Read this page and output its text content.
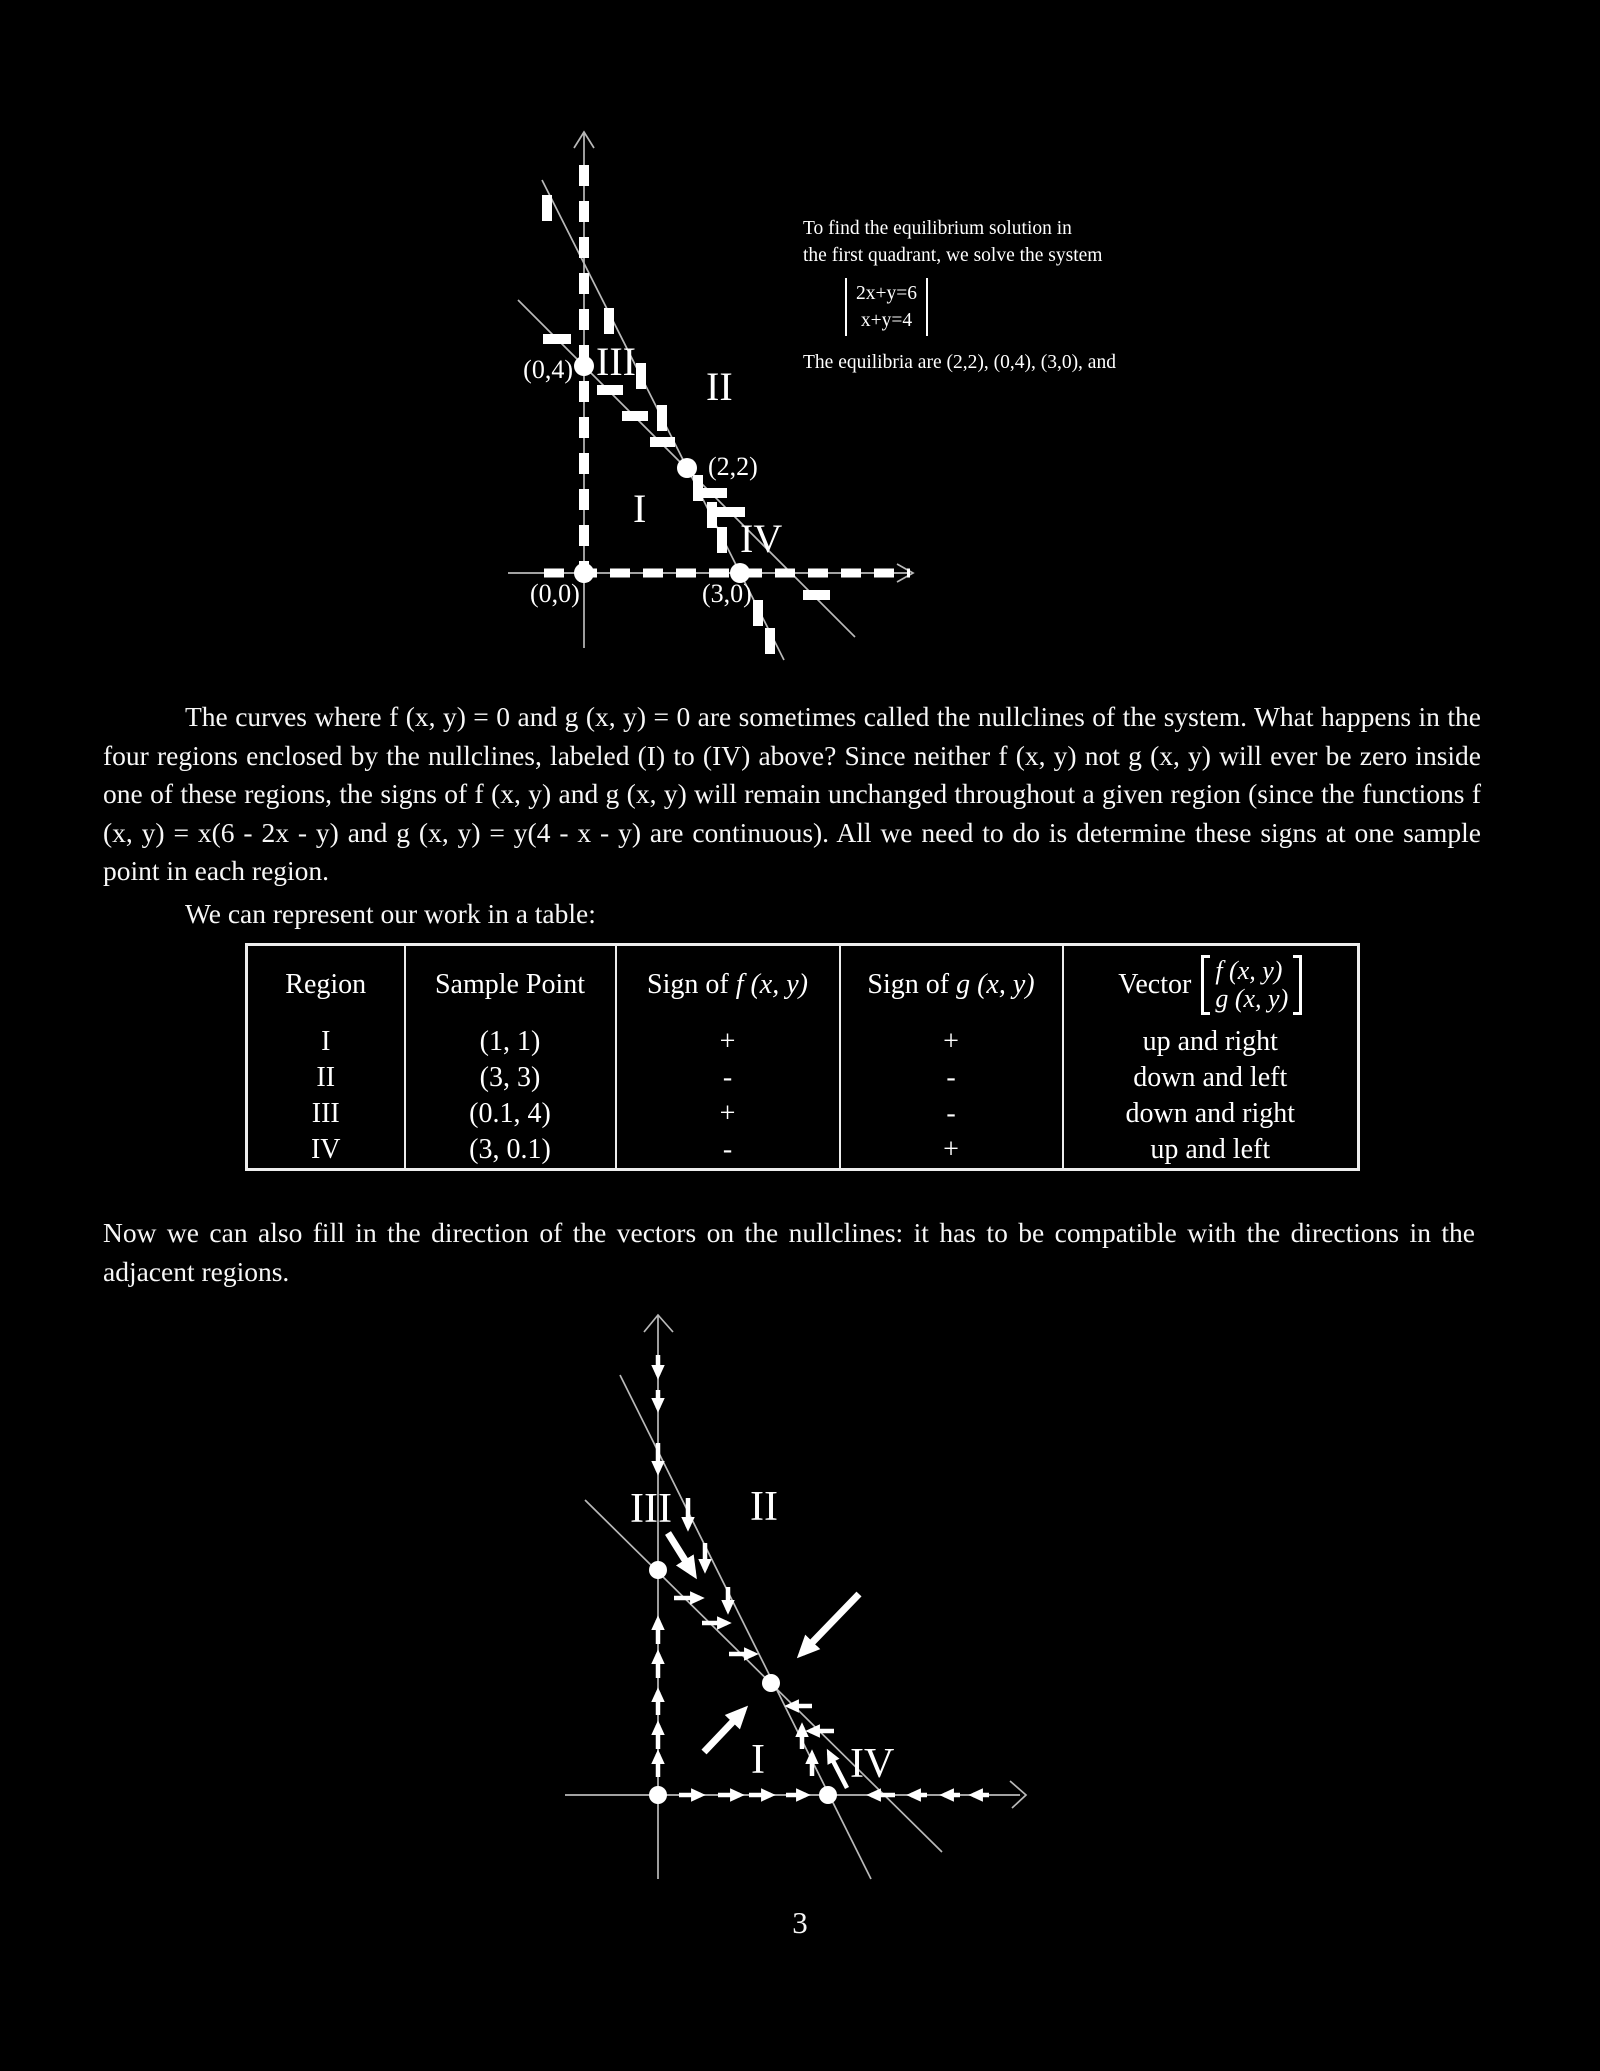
(0,4) III
II
(2,2)
I
IV
(0,0)	(3,0)
To find the equilibrium solution in
the first quadrant, we solve the system
2x+y=6
x+y=4
The equilibria are (2,2), (0,4), (3,0), and
The curves where f (x, y) = 0 and g (x, y) = 0 are sometimes called the nullclines of the system. What happens in the four regions enclosed by the nullclines, labeled (I) to (IV) above? Since neither f (x, y) not g (x, y) will ever be zero inside one of these regions, the signs of f (x, y) and g (x, y) will remain unchanged throughout a given region (since the functions f (x, y) = x(6 - 2x - y) and g (x, y) = y(4 - x - y) are continuous). All we need to do is determine these signs at one sample point in each region.
We can represent our work in a table:
Region	Sample Point	Sign of f (x, y)	Sign of g (x, y)	Vector f (x, y)
g (x, y)

I	(1, 1)	+	+	up and right
II	(3, 3)	-	-	down and left
III	(0.1, 4)	+	-	down and right
IV	(3, 0.1)	-	+	up and left
Now we can also fill in the direction of the vectors on the nullclines: it has to be compatible with the directions in the adjacent regions.
III II
I IV
3
